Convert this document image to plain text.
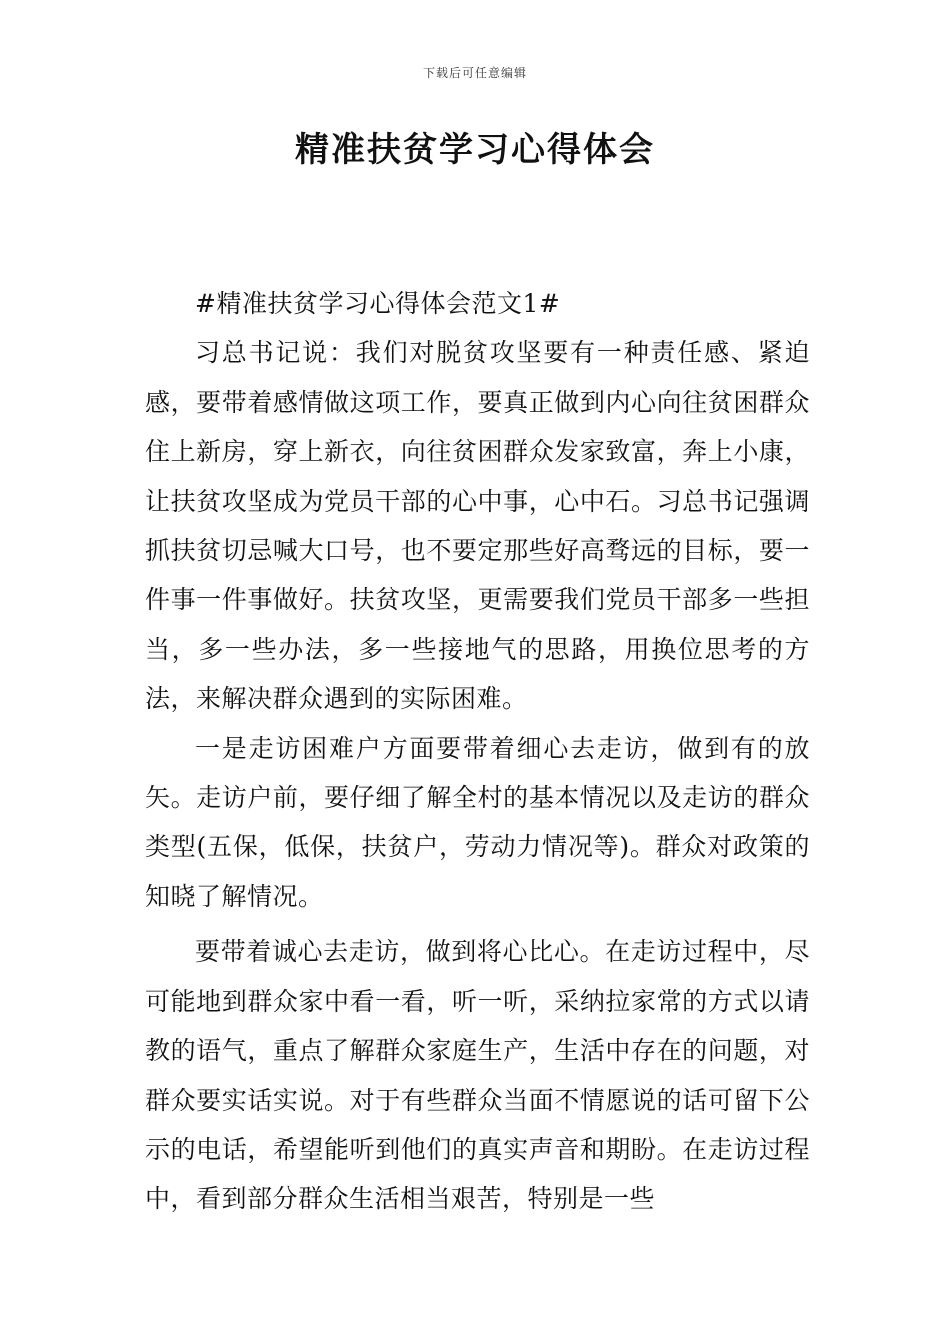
下载后可任意编辑
精准扶贫学习心得体会

#精准扶贫学习心得体会范文1#

习总书记说：我们对脱贫攻坚要有一种责任感、紧迫感，要带着感情做这项工作，要真正做到内心向往贫困群众住上新房，穿上新衣，向往贫困群众发家致富，奔上小康，让扶贫攻坚成为党员干部的心中事，心中石。习总书记强调抓扶贫切忌喊大口号，也不要定那些好高骛远的目标，要一件事一件事做好。扶贫攻坚，更需要我们党员干部多一些担当，多一些办法，多一些接地气的思路，用换位思考的方法，来解决群众遇到的实际困难。

一是走访困难户方面要带着细心去走访，做到有的放矢。走访户前，要仔细了解全村的基本情况以及走访的群众类型(五保，低保，扶贫户，劳动力情况等)。群众对政策的知晓了解情况。

要带着诚心去走访，做到将心比心。在走访过程中，尽可能地到群众家中看一看，听一听，采纳拉家常的方式以请教的语气，重点了解群众家庭生产，生活中存在的问题，对群众要实话实说。对于有些群众当面不情愿说的话可留下公示的电话，希望能听到他们的真实声音和期盼。在走访过程中，看到部分群众生活相当艰苦，特别是一些
